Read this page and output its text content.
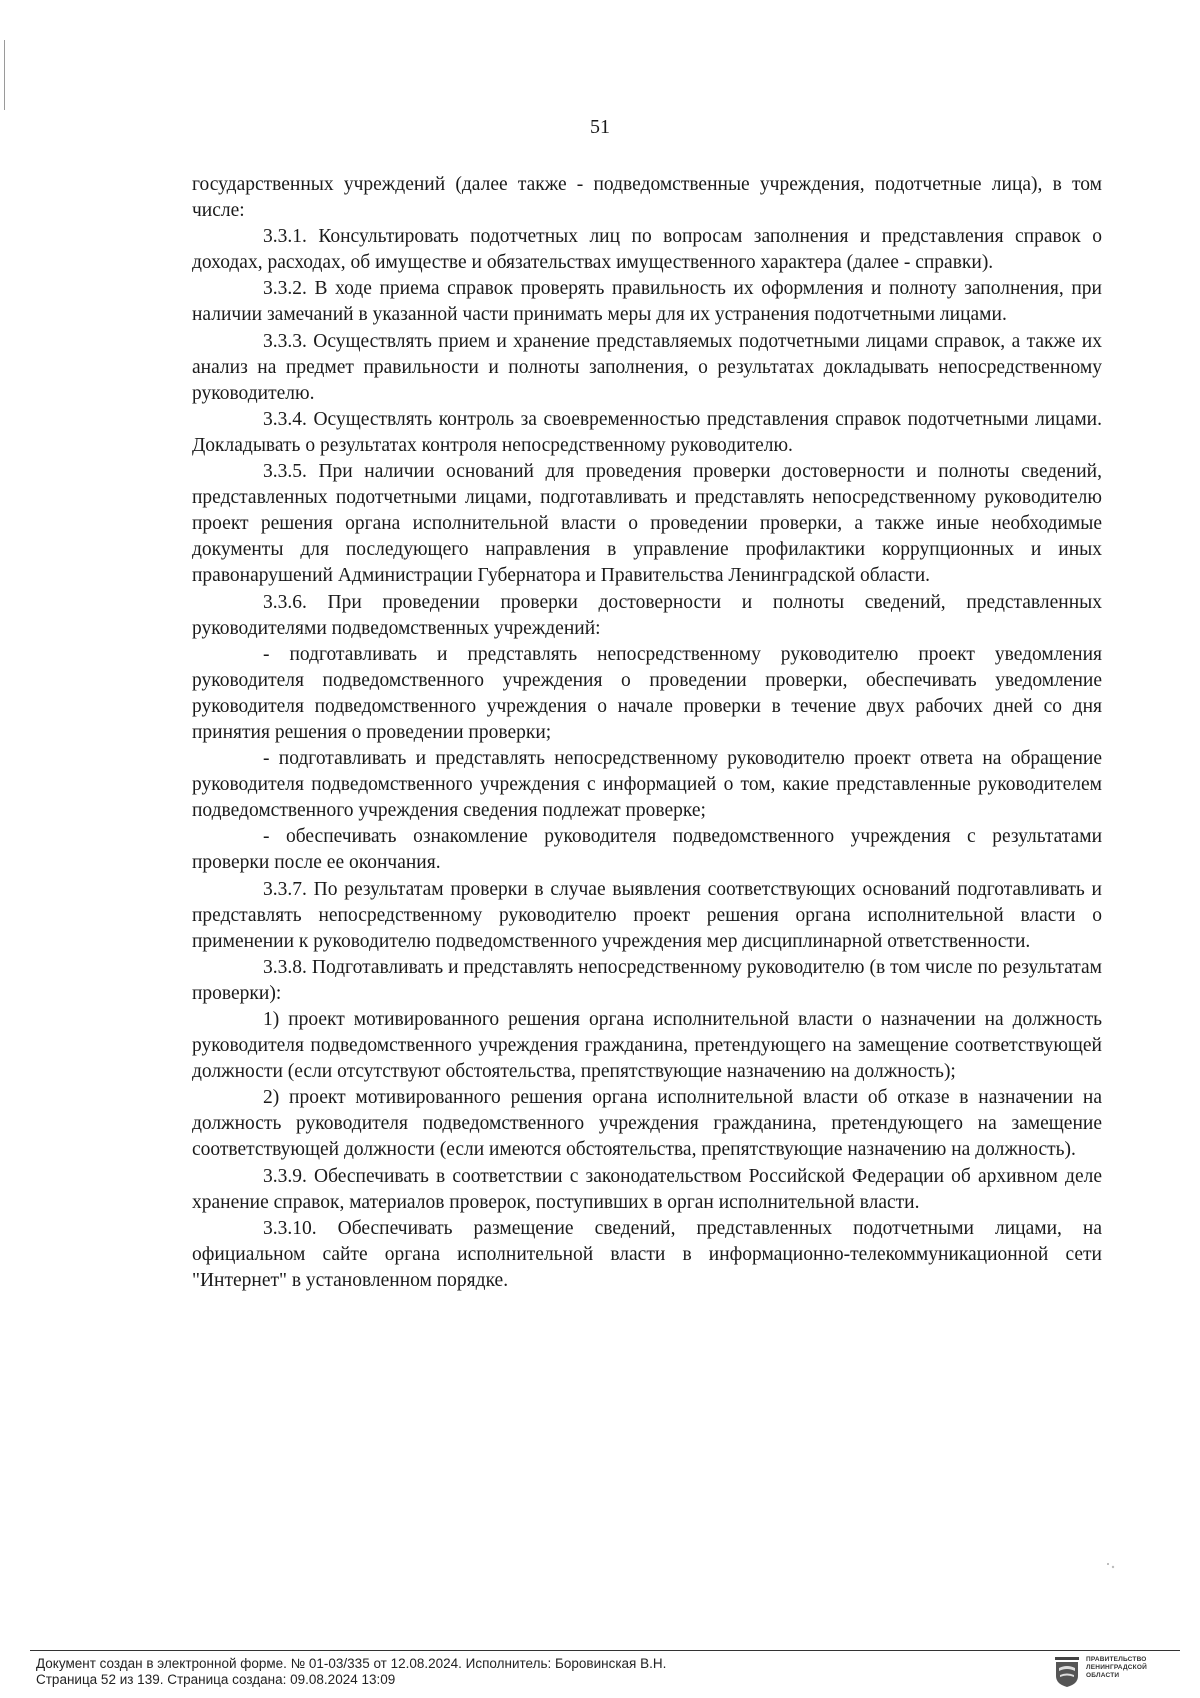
51

государственных учреждений (далее также - подведомственные учреждения, подотчетные лица), в том числе:

3.3.1. Консультировать подотчетных лиц по вопросам заполнения и представления справок о доходах, расходах, об имуществе и обязательствах имущественного характера (далее - справки).

3.3.2. В ходе приема справок проверять правильность их оформления и полноту заполнения, при наличии замечаний в указанной части принимать меры для их устранения подотчетными лицами.

3.3.3. Осуществлять прием и хранение представляемых подотчетными лицами справок, а также их анализ на предмет правильности и полноты заполнения, о результатах докладывать непосредственному руководителю.

3.3.4. Осуществлять контроль за своевременностью представления справок подотчетными лицами. Докладывать о результатах контроля непосредственному руководителю.

3.3.5. При наличии оснований для проведения проверки достоверности и полноты сведений, представленных подотчетными лицами, подготавливать и представлять непосредственному руководителю проект решения органа исполнительной власти о проведении проверки, а также иные необходимые документы для последующего направления в управление профилактики коррупционных и иных правонарушений Администрации Губернатора и Правительства Ленинградской области.

3.3.6. При проведении проверки достоверности и полноты сведений, представленных руководителями подведомственных учреждений:

- подготавливать и представлять непосредственному руководителю проект уведомления руководителя подведомственного учреждения о проведении проверки, обеспечивать уведомление руководителя подведомственного учреждения о начале проверки в течение двух рабочих дней со дня принятия решения о проведении проверки;

- подготавливать и представлять непосредственному руководителю проект ответа на обращение руководителя подведомственного учреждения с информацией о том, какие представленные руководителем подведомственного учреждения сведения подлежат проверке;

- обеспечивать ознакомление руководителя подведомственного учреждения с результатами проверки после ее окончания.

3.3.7. По результатам проверки в случае выявления соответствующих оснований подготавливать и представлять непосредственному руководителю проект решения органа исполнительной власти о применении к руководителю подведомственного учреждения мер дисциплинарной ответственности.

3.3.8. Подготавливать и представлять непосредственному руководителю (в том числе по результатам проверки):

1) проект мотивированного решения органа исполнительной власти о назначении на должность руководителя подведомственного учреждения гражданина, претендующего на замещение соответствующей должности (если отсутствуют обстоятельства, препятствующие назначению на должность);

2) проект мотивированного решения органа исполнительной власти об отказе в назначении на должность руководителя подведомственного учреждения гражданина, претендующего на замещение соответствующей должности (если имеются обстоятельства, препятствующие назначению на должность).

3.3.9. Обеспечивать в соответствии с законодательством Российской Федерации об архивном деле хранение справок, материалов проверок, поступивших в орган исполнительной власти.

3.3.10. Обеспечивать размещение сведений, представленных подотчетными лицами, на официальном сайте органа исполнительной власти в информационно-телекоммуникационной сети "Интернет" в установленном порядке.

Документ создан в электронной форме. № 01-03/335 от 12.08.2024. Исполнитель: Боровинская В.Н.
Страница 52 из 139. Страница создана: 09.08.2024 13:09
ПРАВИТЕЛЬСТВО
ЛЕНИНГРАДСКОЙ
ОБЛАСТИ
